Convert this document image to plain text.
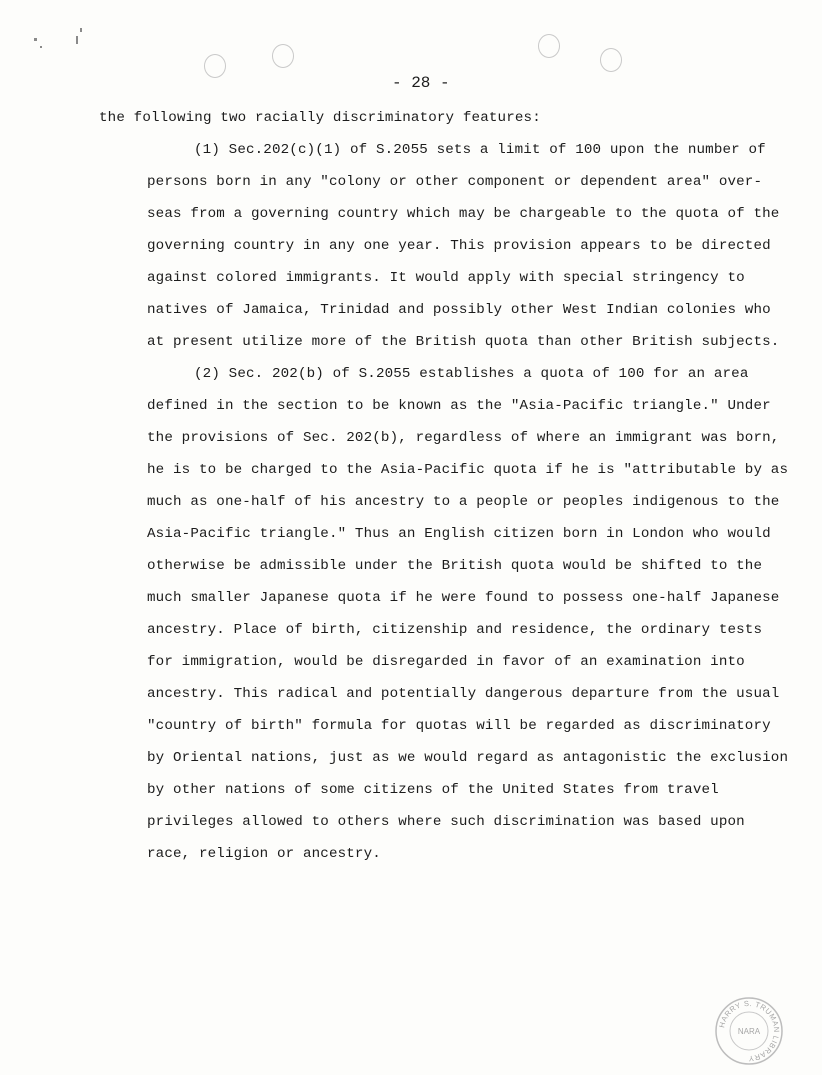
- 28 -
the following two racially discriminatory features:
(1) Sec.202(c)(1) of S.2055 sets a limit of 100 upon the number of
persons born in any "colony or other component or dependent area" over-
seas from a governing country which may be chargeable to the quota of the
governing country in any one year. This provision appears to be directed
against colored immigrants. It would apply with special stringency to
natives of Jamaica, Trinidad and possibly other West Indian colonies who
at present utilize more of the British quota than other British subjects.
(2) Sec. 202(b) of S.2055 establishes a quota of 100 for an area
defined in the section to be known as the "Asia-Pacific triangle." Under
the provisions of Sec. 202(b), regardless of where an immigrant was born,
he is to be charged to the Asia-Pacific quota if he is "attributable by as
much as one-half of his ancestry to a people or peoples indigenous to the
Asia-Pacific triangle." Thus an English citizen born in London who would
otherwise be admissible under the British quota would be shifted to the
much smaller Japanese quota if he were found to possess one-half Japanese
ancestry. Place of birth, citizenship and residence, the ordinary tests
for immigration, would be disregarded in favor of an examination into
ancestry. This radical and potentially dangerous departure from the usual
"country of birth" formula for quotas will be regarded as discriminatory
by Oriental nations, just as we would regard as antagonistic the exclusion
by other nations of some citizens of the United States from travel
privileges allowed to others where such discrimination was based upon
race, religion or ancestry.
HARRY S. TRUMAN LIBRARY
NARA
